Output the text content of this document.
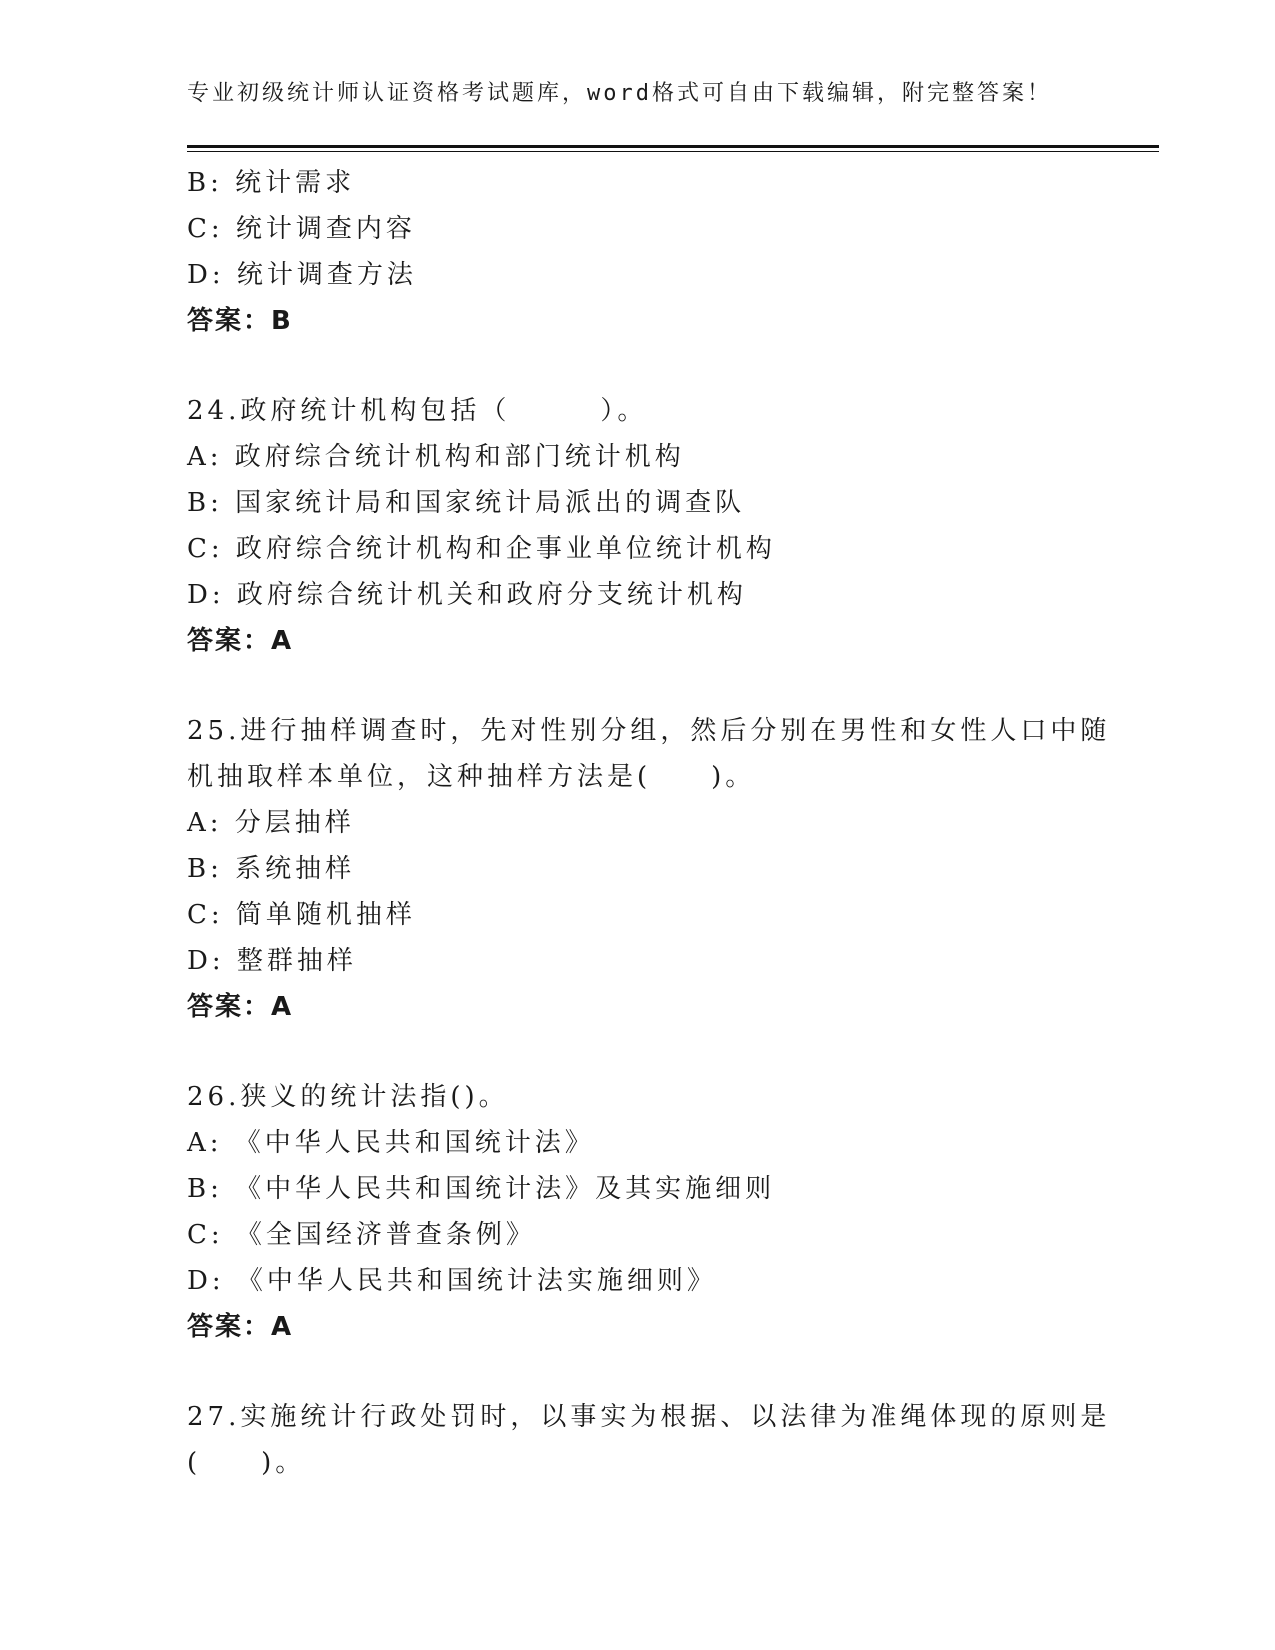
专业初级统计师认证资格考试题库，word格式可自由下载编辑，附完整答案！
B: 统计需求
C: 统计调查内容
D: 统计调查方法
答案：B
24.政府统计机构包括（　　　）。
A: 政府综合统计机构和部门统计机构
B: 国家统计局和国家统计局派出的调查队
C: 政府综合统计机构和企事业单位统计机构
D: 政府综合统计机关和政府分支统计机构
答案：A
25.进行抽样调查时，先对性别分组，然后分别在男性和女性人口中随
机抽取样本单位，这种抽样方法是(　　)。
A: 分层抽样
B: 系统抽样
C: 简单随机抽样
D: 整群抽样
答案：A
26.狭义的统计法指()。
A: 《中华人民共和国统计法》
B: 《中华人民共和国统计法》及其实施细则
C: 《全国经济普查条例》
D: 《中华人民共和国统计法实施细则》
答案：A
27.实施统计行政处罚时，以事实为根据、以法律为准绳体现的原则是
(　　)。
